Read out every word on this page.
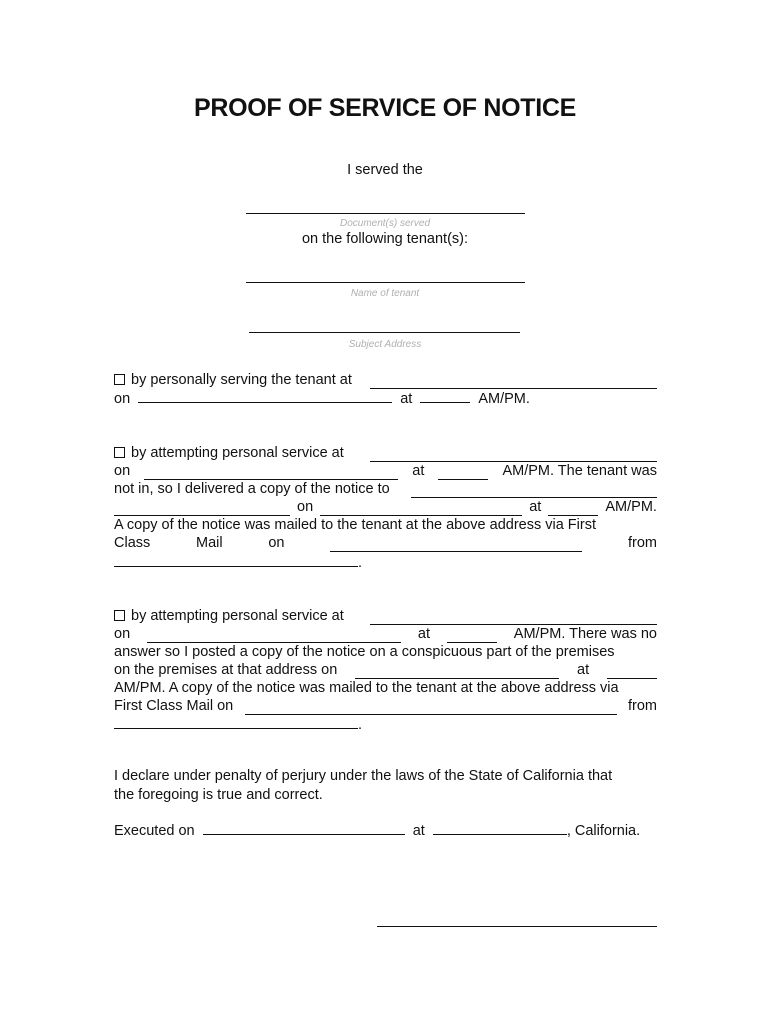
PROOF OF SERVICE OF NOTICE
I served the
Document(s) served
on the following tenant(s):
Name of tenant
Subject Address
by personally serving the tenant at
on	at	AM/PM.
by attempting personal service at
on	at	AM/PM. The tenant was
not in, so I delivered a copy of the notice to
on	at	AM/PM.
A copy of the notice was mailed to the tenant at the above address via First
Class	Mail	on	from
.
by attempting personal service at
on	at	AM/PM. There was no
answer so I posted a copy of the notice on a conspicuous part of the premises
on the premises at that address on	at
AM/PM. A copy of the notice was mailed to the tenant at the above address via
First Class Mail on	from
.
I declare under penalty of perjury under the laws of the State of California that
the foregoing is true and correct.
Executed on	at	, California.
